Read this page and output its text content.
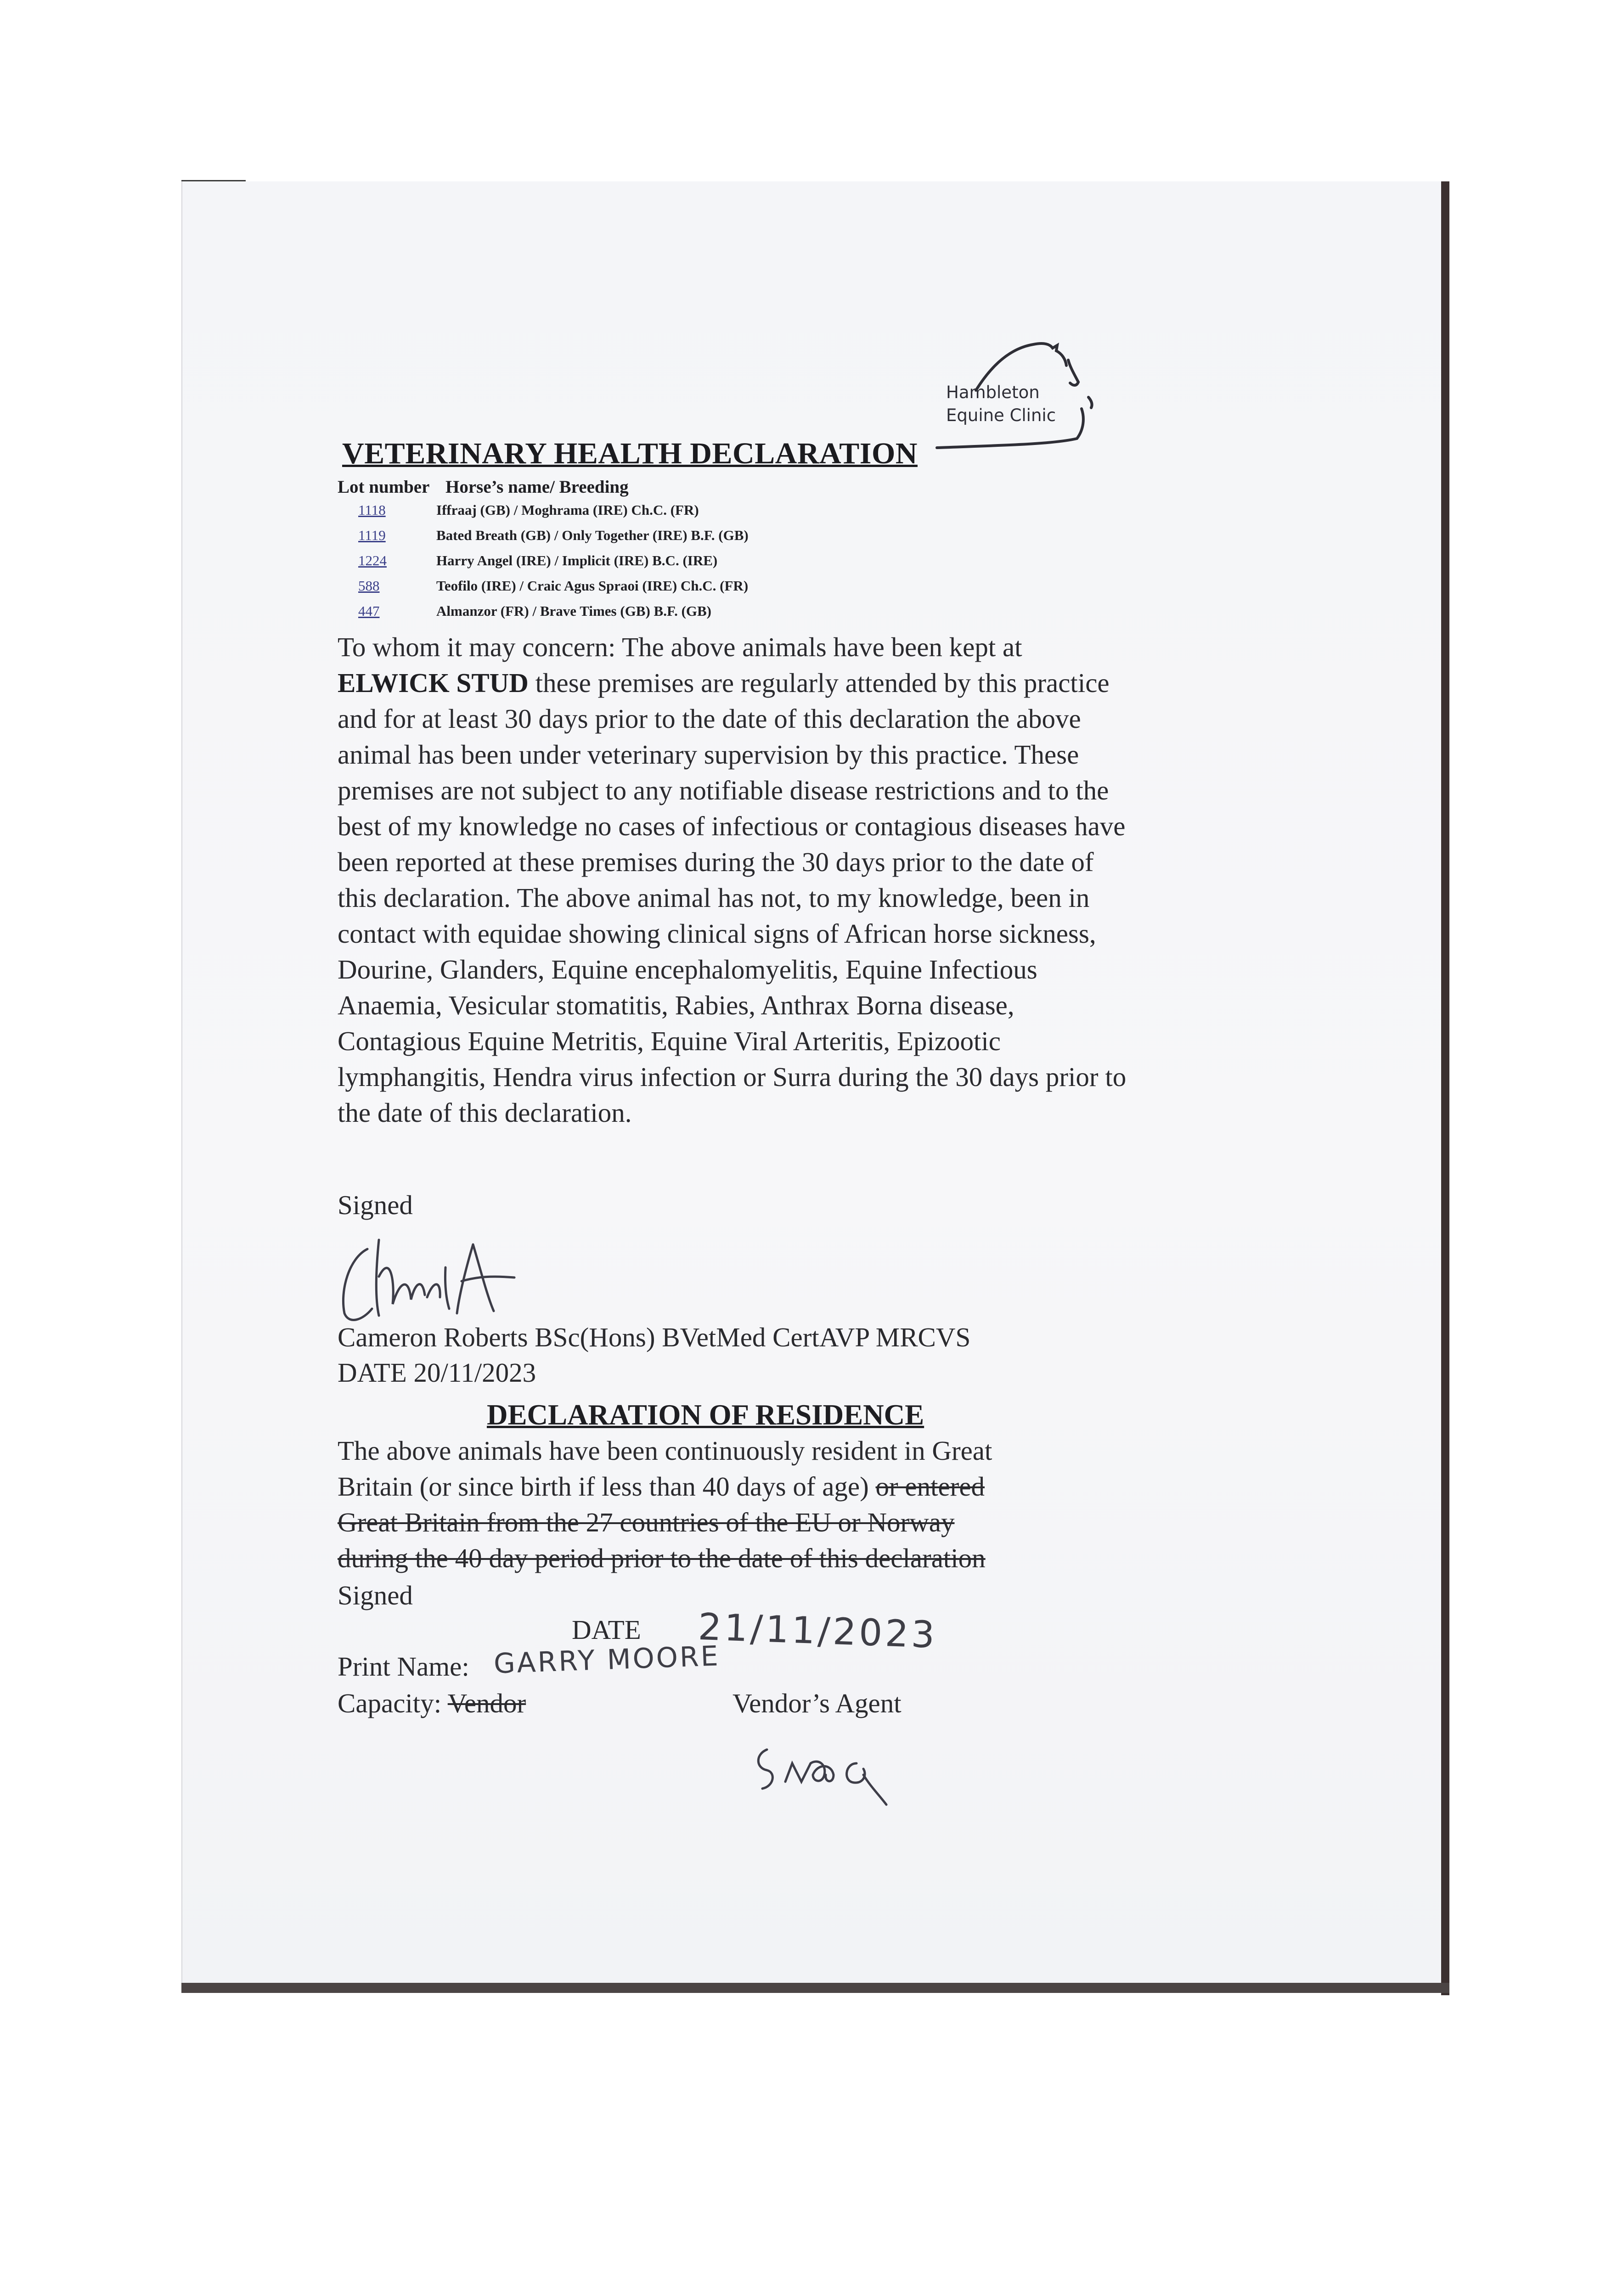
Hambleton
Equine Clinic
VETERINARY HEALTH DECLARATION
Lot number Horse’s name/ Breeding
1118	Iffraaj (GB) / Moghrama (IRE) Ch.C. (FR)
1119	Bated Breath (GB) / Only Together (IRE) B.F. (GB)
1224	Harry Angel (IRE) / Implicit (IRE) B.C. (IRE)
588	Teofilo (IRE) / Craic Agus Spraoi (IRE) Ch.C. (FR)
447	Almanzor (FR) / Brave Times (GB) B.F. (GB)
To whom it may concern: The above animals have been kept at ELWICK STUD these premises are regularly attended by this practice and for at least 30 days prior to the date of this declaration the above animal has been under veterinary supervision by this practice. These premises are not subject to any notifiable disease restrictions and to the best of my knowledge no cases of infectious or contagious diseases have been reported at these premises during the 30 days prior to the date of this declaration. The above animal has not, to my knowledge, been in contact with equidae showing clinical signs of African horse sickness, Dourine, Glanders, Equine encephalomyelitis, Equine Infectious Anaemia, Vesicular stomatitis, Rabies, Anthrax Borna disease, Contagious Equine Metritis, Equine Viral Arteritis, Epizootic lymphangitis, Hendra virus infection or Surra during the 30 days prior to the date of this declaration.
Signed
Cameron Roberts BSc(Hons) BVetMed CertAVP MRCVS
DATE 20/11/2023
DECLARATION OF RESIDENCE
The above animals have been continuously resident in Great
Britain (or since birth if less than 40 days of age) or entered
Great Britain from the 27 countries of the EU or Norway
during the 40 day period prior to the date of this declaration
Signed
DATE 21/11/2023
Print Name: GARRY MOORE
Capacity: Vendor	Vendor’s Agent
